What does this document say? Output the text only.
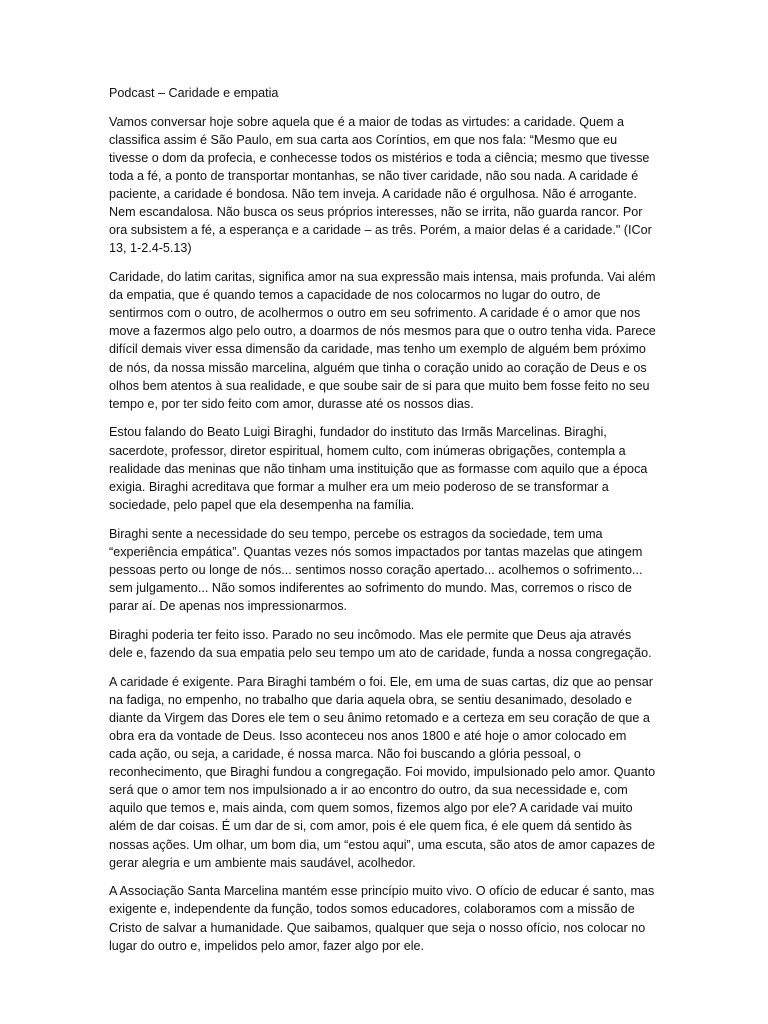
Podcast – Caridade e empatia

Vamos conversar hoje sobre aquela que é a maior de todas as virtudes: a caridade. Quem a classifica assim é São Paulo, em sua carta aos Coríntios, em que nos fala: “Mesmo que eu tivesse o dom da profecia, e conhecesse todos os mistérios e toda a ciência; mesmo que tivesse toda a fé, a ponto de transportar montanhas, se não tiver caridade, não sou nada. A caridade é paciente, a caridade é bondosa. Não tem inveja. A caridade não é orgulhosa. Não é arrogante. Nem escandalosa. Não busca os seus próprios interesses, não se irrita, não guarda rancor. Por ora subsistem a fé, a esperança e a caridade – as três. Porém, a maior delas é a caridade." (ICor 13, 1-2.4-5.13)

Caridade, do latim caritas, significa amor na sua expressão mais intensa, mais profunda. Vai além da empatia, que é quando temos a capacidade de nos colocarmos no lugar do outro, de sentirmos com o outro, de acolhermos o outro em seu sofrimento. A caridade é o amor que nos move a fazermos algo pelo outro, a doarmos de nós mesmos para que o outro tenha vida. Parece difícil demais viver essa dimensão da caridade, mas tenho um exemplo de alguém bem próximo de nós, da nossa missão marcelina, alguém que tinha o coração unido ao coração de Deus e os olhos bem atentos à sua realidade, e que soube sair de si para que muito bem fosse feito no seu tempo e, por ter sido feito com amor, durasse até os nossos dias.

Estou falando do Beato Luigi Biraghi, fundador do instituto das Irmãs Marcelinas. Biraghi, sacerdote, professor, diretor espiritual, homem culto, com inúmeras obrigações, contempla a realidade das meninas que não tinham uma instituição que as formasse com aquilo que a época exigia. Biraghi acreditava que formar a mulher era um meio poderoso de se transformar a sociedade, pelo papel que ela desempenha na família.

Biraghi sente a necessidade do seu tempo, percebe os estragos da sociedade, tem uma “experiência empática”. Quantas vezes nós somos impactados por tantas mazelas que atingem pessoas perto ou longe de nós... sentimos nosso coração apertado... acolhemos o sofrimento... sem julgamento... Não somos indiferentes ao sofrimento do mundo. Mas, corremos o risco de parar aí. De apenas nos impressionarmos.

Biraghi poderia ter feito isso. Parado no seu incômodo. Mas ele permite que Deus aja através dele e, fazendo da sua empatia pelo seu tempo um ato de caridade, funda a nossa congregação.

A caridade é exigente. Para Biraghi também o foi. Ele, em uma de suas cartas, diz que ao pensar na fadiga, no empenho, no trabalho que daria aquela obra, se sentiu desanimado, desolado e diante da Virgem das Dores ele tem o seu ânimo retomado e a certeza em seu coração de que a obra era da vontade de Deus. Isso aconteceu nos anos 1800 e até hoje o amor colocado em cada ação, ou seja, a caridade, é nossa marca. Não foi buscando a glória pessoal, o reconhecimento, que Biraghi fundou a congregação. Foi movido, impulsionado pelo amor. Quanto será que o amor tem nos impulsionado a ir ao encontro do outro, da sua necessidade e, com aquilo que temos e, mais ainda, com quem somos, fizemos algo por ele? A caridade vai muito além de dar coisas. É um dar de si, com amor, pois é ele quem fica, é ele quem dá sentido às nossas ações. Um olhar, um bom dia, um “estou aqui”, uma escuta, são atos de amor capazes de gerar alegria e um ambiente mais saudável, acolhedor.

A Associação Santa Marcelina mantém esse princípio muito vivo. O ofício de educar é santo, mas exigente e, independente da função, todos somos educadores, colaboramos com a missão de Cristo de salvar a humanidade. Que saibamos, qualquer que seja o nosso ofício, nos colocar no lugar do outro e, impelidos pelo amor, fazer algo por ele.
